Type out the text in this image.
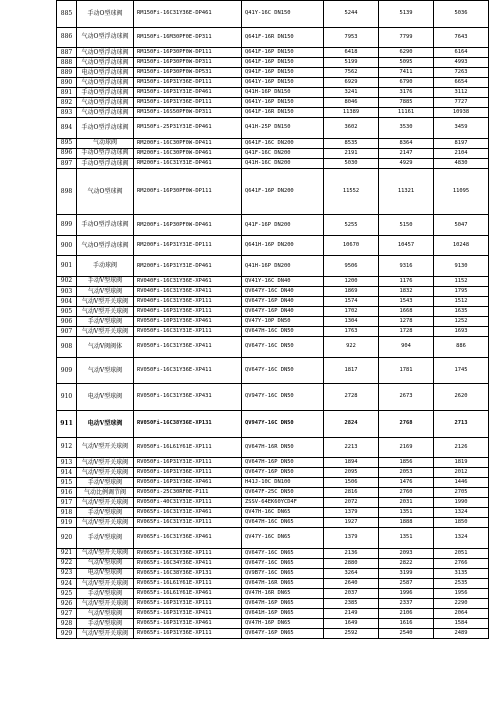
885	手动O型球阀	RM150Fi-16C31Y36E-DP461	Q41Y-16C DN150	5244	5139	5036
886	气动O型浮动球阀	RM150Fi-16M30PF0E-DP311	Q641F-16R DN150	7953	7799	7643
887	气动O型浮动球阀	RM150Fi-16P30PF0W-DP111	Q641F-16P DN150	6418	6290	6164
888	气动O型浮动球阀	RM150Fi-16P30PF0W-DP311	Q641F-16P DN150	5199	5095	4993
889	电动O型浮动球阀	RM150Fi-16P30PF0W-DP531	Q941F-16P DN150	7562	7411	7263
890	气动O型浮动球阀	RM150Fi-16P31Y36E-DP111	Q641Y-16P DN150	6929	6790	6654
891	手动O型浮动球阀	RM150Fi-16P31Y31E-DP461	Q41H-16P DN150	3241	3176	3112
892	气动O型浮动球阀	RM150Fi-16P31Y36E-DP111	Q641Y-16P DN150	8046	7885	7727
893	气动O型浮动球阀	RM150Fi-16S50PF0W-DP311	Q641F-16R DN150	11389	11161	10938
894	手动O型浮动球阀	RM150Fi-25P31Y31E-DP461	Q41H-25P DN150	3602	3530	3459
895	气动球阀	RM200Fi-16C30PF0W-DP411	Q641F-16C DN200	8535	8364	8197
896	手动O型浮动球阀	RM200Fi-16C30PF0W-DP461	Q41F-16C DN200	2191	2147	2104
897	手动O型浮动球阀	RM200Fi-16C31Y31E-DP461	Q41H-16C DN200	5030	4929	4830
898	气动O型球阀	RM200Fi-16P30PF0W-DP111	Q641F-16P DN200	11552	11321	11095
899	手动O型浮动球阀	RM200Fi-16P30PF0W-DP461	Q41F-16P DN200	5255	5150	5047
900	气动O型浮动球阀	RM200Fi-16P31Y31E-DP111	Q641H-16P DN200	10670	10457	10248
901	手动球阀	RM200Fi-16P31Y31E-DP461	Q41H-16P DN200	9506	9316	9130
902	手动V型球阀	RV040Fi-16C31Y36E-XP461	QV41Y-16C DN40	1200	1176	1152
903	气动V型球阀	RV040Fi-16C31Y36E-XP411	QV647Y-16C DN40	1869	1832	1795
904	气动V型开关球阀	RV040Fi-16C31Y36E-XP111	QV647Y-16P DN40	1574	1543	1512
905	气动V型开关球阀	RV040Fi-16P31Y36E-XP111	QV647Y-16P DN40	1702	1668	1635
906	手动V型球阀	RV050Fi-10P31Y36E-XP461	QV47Y-10P DN50	1304	1278	1252
907	气动V型开关球阀	RV050Fi-16C31Y31E-XP111	QV647H-16C DN50	1763	1728	1693
908	气动V阀阀体	RV050Fi-16C31Y36E-XP411	QV647Y-16C DN50	922	904	886
909	气动V型球阀	RV050Fi-16C31Y36E-XP411	QV647Y-16C DN50	1817	1781	1745
910	电动V型球阀	RV050Fi-16C31Y36E-XP431	QV947Y-16C DN50	2728	2673	2620
911	电动V型球阀	RV050Fi-16C38Y36E-XP131	QV947Y-16C DN50	2824	2768	2713
912	气动V型开关球阀	RV050Fi-16L61Y61E-XP111	QV647H-16R DN50	2213	2169	2126
913	气动V型开关球阀	RV050Fi-16P31Y31E-XP111	QV647H-16P DN50	1894	1856	1819
914	气动V型开关球阀	RV050Fi-16P31Y36E-XP111	QV647Y-16P DN50	2095	2053	2012
915	手动V型球阀	RV050Fi-16P31Y36E-XP461	H41J-10C DN100	1506	1476	1446
916	气动比例调节阀	RV050Fi-25C30RF0E-P111	QV647F-25C DN50	2816	2760	2705
917	气动V型开关球阀	RV050Fi-40C31Y31E-XP111	ZSSV-64EK60YCD4F	2072	2031	1990
918	手动V型球阀	RV065Fi-16C31Y31E-XP461	QV47H-16C DN65	1379	1351	1324
919	气动V型开关球阀	RV065Fi-16C31Y31E-XP111	QV647H-16C DN65	1927	1888	1850
920	手动V型球阀	RV065Fi-16C31Y36E-XP461	QV47Y-16C DN65	1379	1351	1324
921	气动V型开关球阀	RV065Fi-16C31Y36E-XP111	QV647Y-16C DN65	2136	2093	2051
922	气动V型球阀	RV065Fi-16C34Y36E-XP411	QV647Y-16C DN65	2880	2822	2766
923	电动V型球阀	RV065Fi-16C38Y36E-XP131	QV9B7Y-16C DN65	3264	3199	3135
924	气动V型开关球阀	RV065Fi-16L61Y61E-XP111	QV647H-16R DN65	2640	2587	2535
925	手动V型球阀	RV065Fi-16L61Y61E-XP461	QV47H-16R DN65	2037	1996	1956
926	气动V型开关球阀	RV065Fi-16P31Y31E-XP111	QV647H-16P DN65	2385	2337	2290
927	气动V型球阀	RV065Fi-16P31Y31E-XP411	QV641H-16P DN65	2149	2106	2064
928	手动V型球阀	RV065Fi-16P31Y31E-XP461	QV47H-16P DN65	1649	1616	1584
929	气动V型开关球阀	RV065Fi-16P31Y36E-XP111	QV647Y-16P DN65	2592	2540	2489
